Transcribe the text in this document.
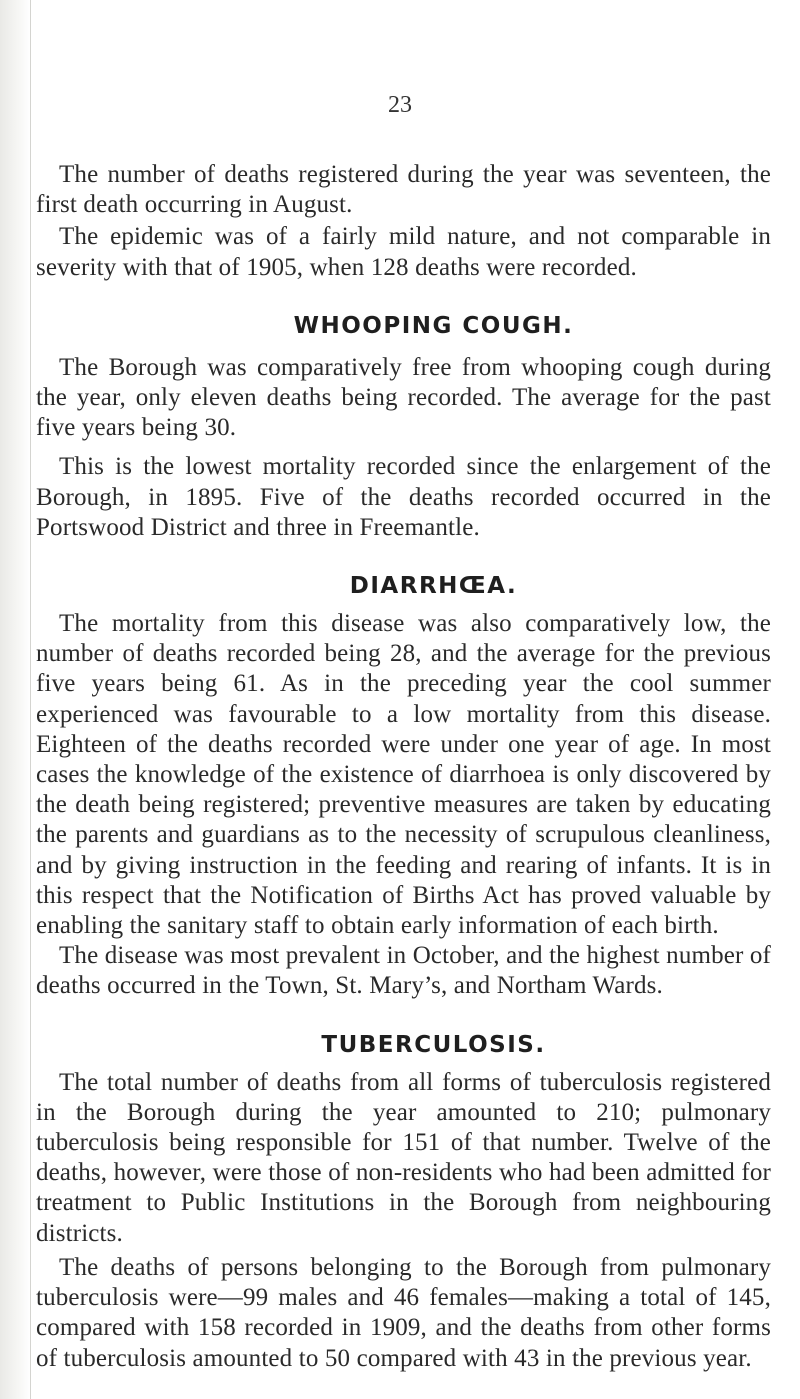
23

The number of deaths registered during the year was seventeen, the first death occurring in August.

The epidemic was of a fairly mild nature, and not comparable in severity with that of 1905, when 128 deaths were recorded.

WHOOPING COUGH.

The Borough was comparatively free from whooping cough during the year, only eleven deaths being recorded. The average for the past five years being 30.

This is the lowest mortality recorded since the enlargement of the Borough, in 1895. Five of the deaths recorded occurred in the Portswood District and three in Freemantle.

DIARRHŒA.

The mortality from this disease was also comparatively low, the number of deaths recorded being 28, and the average for the previous five years being 61. As in the preceding year the cool summer experienced was favourable to a low mortality from this disease. Eighteen of the deaths recorded were under one year of age. In most cases the knowledge of the existence of diarrhoea is only discovered by the death being registered; preventive measures are taken by educating the parents and guardians as to the necessity of scrupulous cleanliness, and by giving instruction in the feeding and rearing of infants. It is in this respect that the Notification of Births Act has proved valuable by enabling the sanitary staff to obtain early information of each birth.

The disease was most prevalent in October, and the highest number of deaths occurred in the Town, St. Mary’s, and Northam Wards.

TUBERCULOSIS.

The total number of deaths from all forms of tuberculosis registered in the Borough during the year amounted to 210; pulmonary tuberculosis being responsible for 151 of that number. Twelve of the deaths, however, were those of non-residents who had been admitted for treatment to Public Institutions in the Borough from neighbouring districts.

The deaths of persons belonging to the Borough from pulmonary tuberculosis were—99 males and 46 females—making a total of 145, compared with 158 recorded in 1909, and the deaths from other forms of tuberculosis amounted to 50 compared with 43 in the previous year.
